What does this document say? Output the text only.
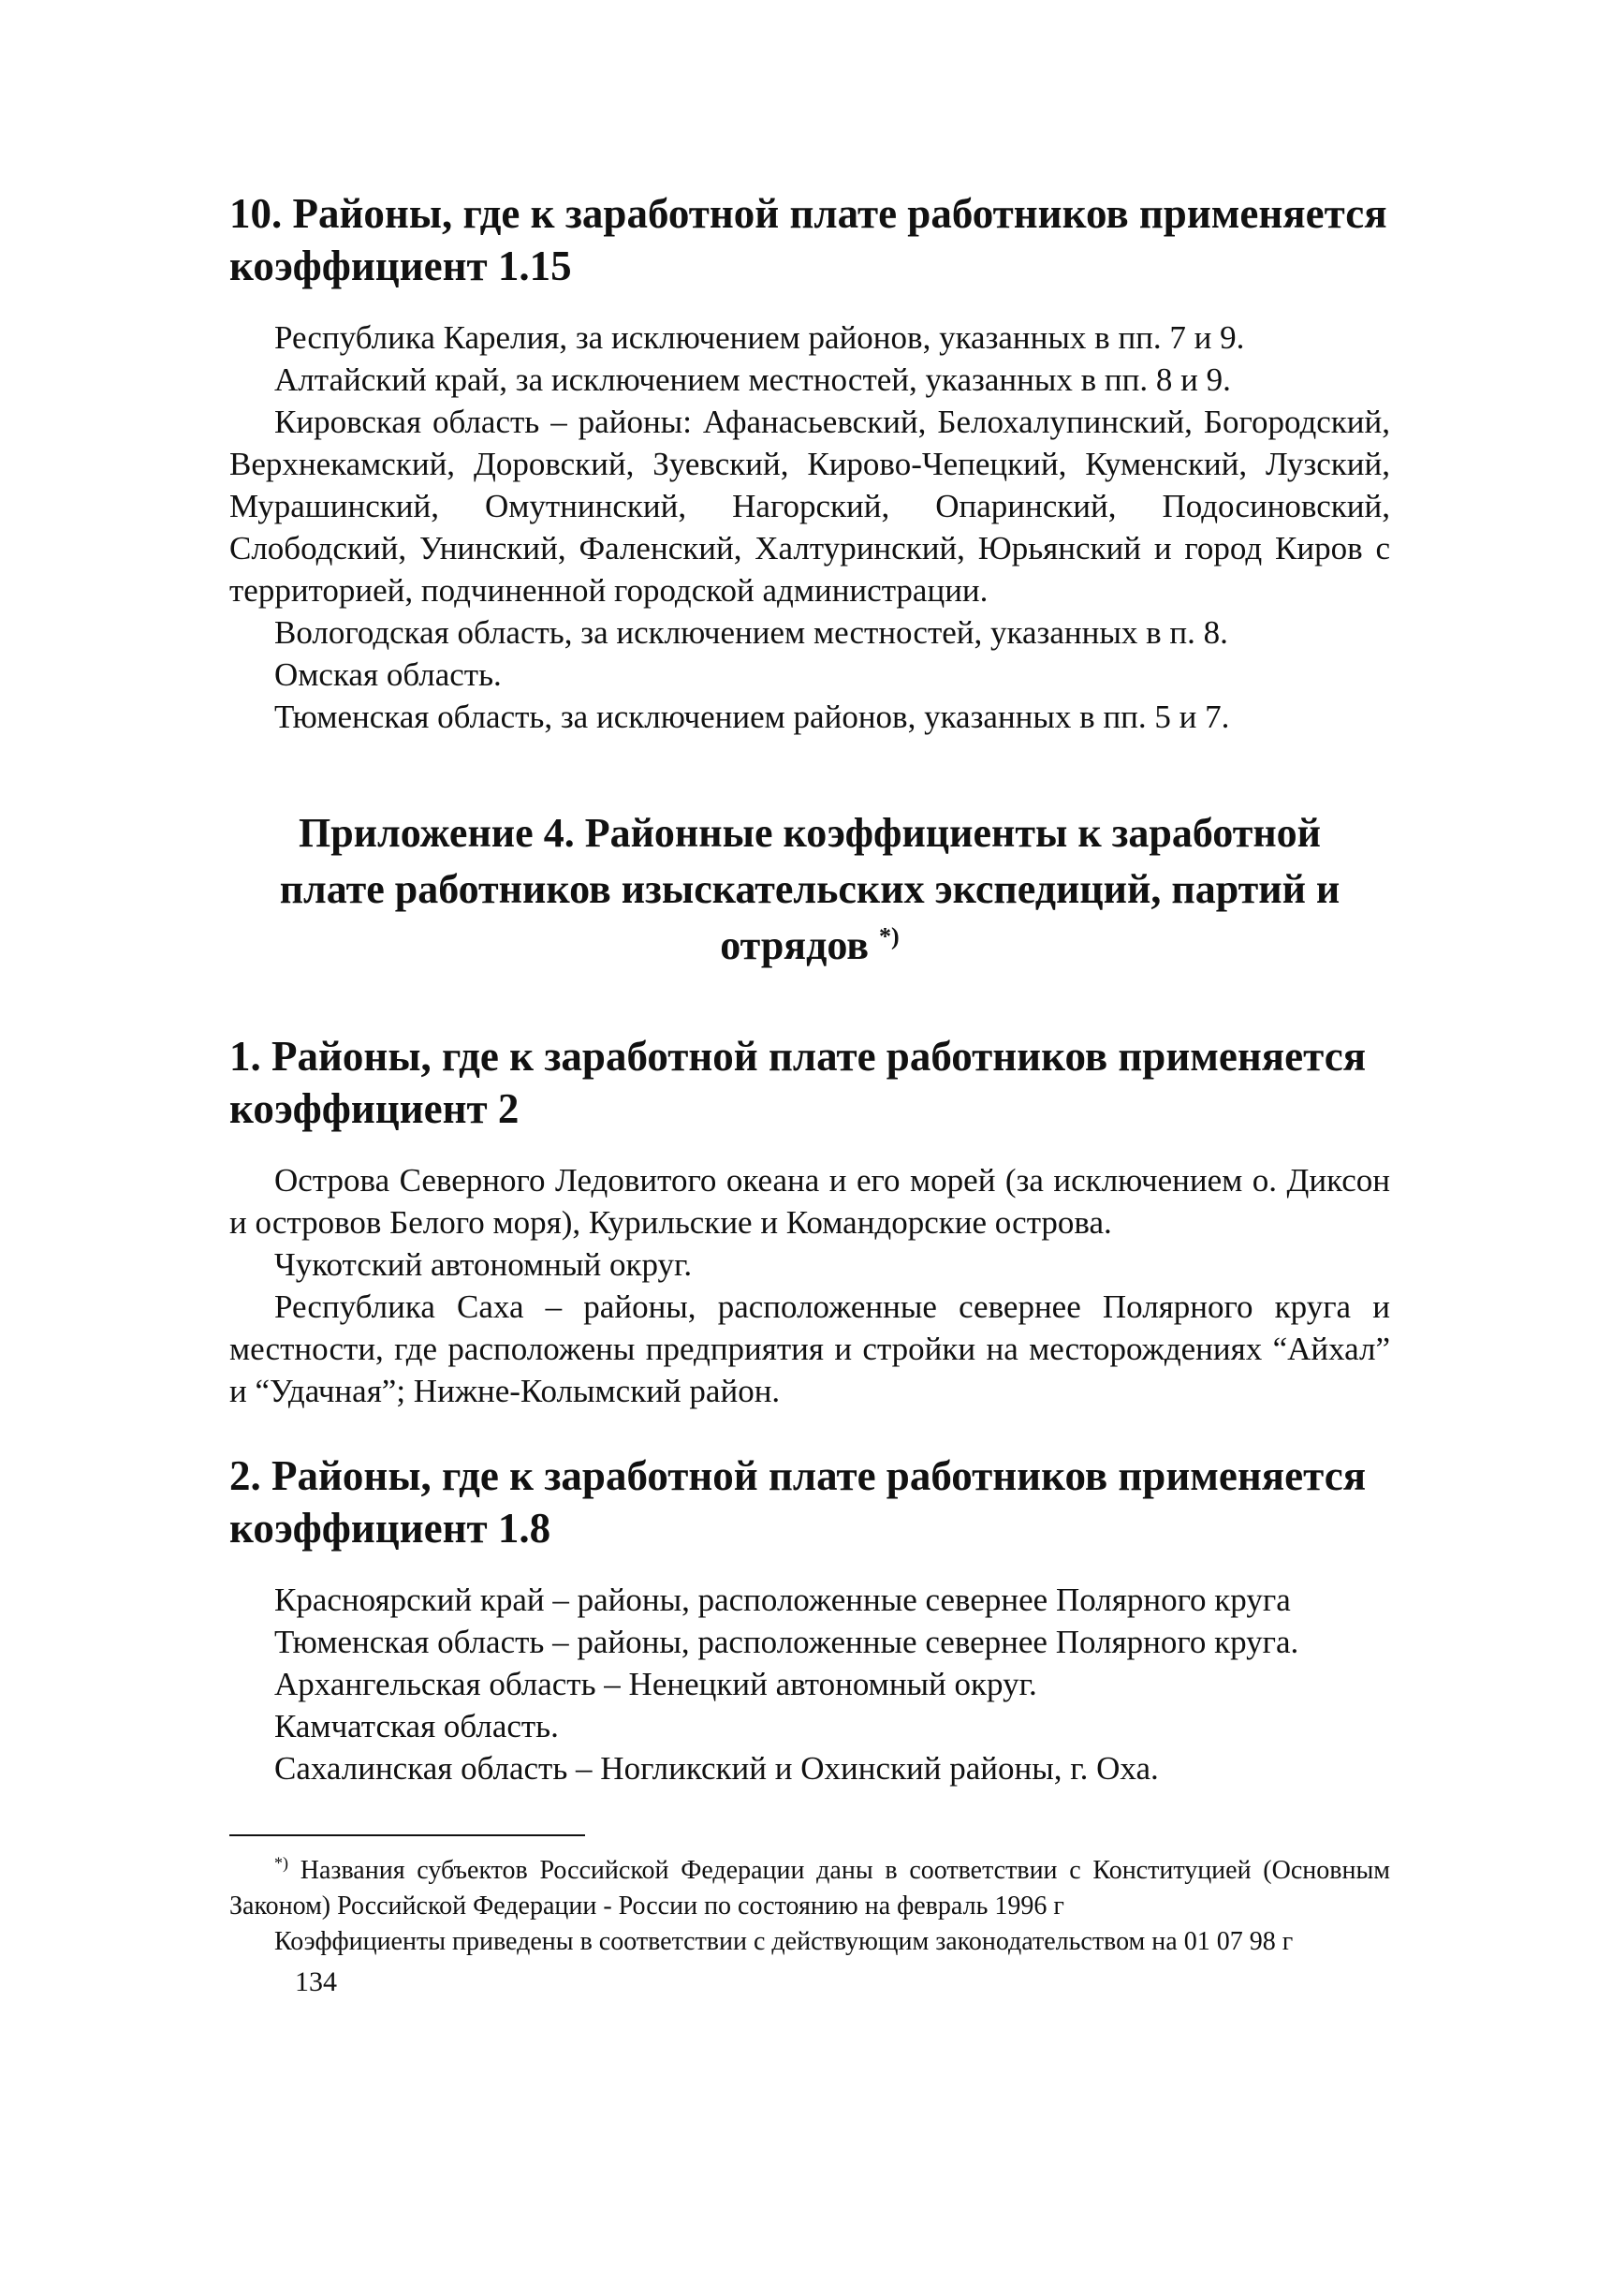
10. Районы, где к заработной плате работников применяется коэффициент 1.15

Республика Карелия, за исключением районов, указанных в пп. 7 и 9.

Алтайский край, за исключением местностей, указанных в пп. 8 и 9.

Кировская область – районы: Афанасьевский, Белохалупинский, Богородский, Верхнекамский, Доровский, Зуевский, Кирово-Чепецкий, Куменский, Лузский, Мурашинский, Омутнинский, Нагорский, Опаринский, Подосиновский, Слободский, Унинский, Фаленский, Халтуринский, Юрьянский и город Киров с территорией, подчиненной городской администрации.

Вологодская область, за исключением местностей, указанных в п. 8.

Омская область.

Тюменская область, за исключением районов, указанных в пп. 5 и 7.

Приложение 4. Районные коэффициенты к заработной плате работников изыскательских экспедиций, партий и отрядов *)
1. Районы, где к заработной плате работников применяется коэффициент 2

Острова Северного Ледовитого океана и его морей (за исключением о. Диксон и островов Белого моря), Курильские и Командорские острова.

Чукотский автономный округ.

Республика Саха – районы, расположенные севернее Полярного круга и местности, где расположены предприятия и стройки на месторождениях “Айхал” и “Удачная”; Нижне-Колымский район.

2. Районы, где к заработной плате работников применяется коэффициент 1.8

Красноярский край – районы, расположенные севернее Полярного круга

Тюменская область – районы, расположенные севернее Полярного круга.

Архангельская область – Ненецкий автономный округ.

Камчатская область.

Сахалинская область – Ногликский и Охинский районы, г. Оха.

*) Названия субъектов Российской Федерации даны в соответствии с Конституцией (Основным Законом) Российской Федерации - России по состоянию на февраль 1996 г

Коэффициенты приведены в соответствии с действующим законодательством на 01 07 98 г

134
